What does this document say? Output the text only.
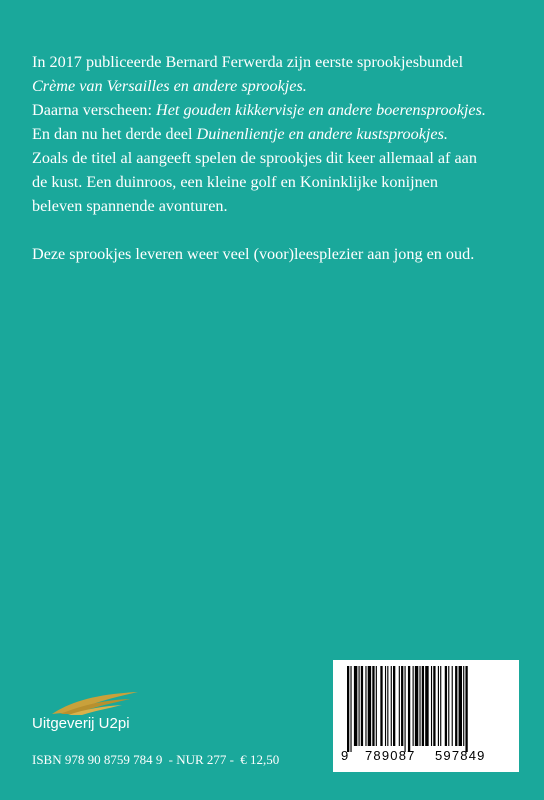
In 2017 publiceerde Bernard Ferwerda zijn eerste sprookjesbundel Crème van Versailles en andere sprookjes.
Daarna verscheen: Het gouden kikkervisje en andere boerensprookjes. En dan nu het derde deel Duinenlientje en andere kustsprookjes.
Zoals de titel al aangeeft spelen de sprookjes dit keer allemaal af aan de kust. Een duinroos, een kleine golf en Koninklijke konijnen beleven spannende avonturen.

Deze sprookjes leveren weer veel (voor)leesplezier aan jong en oud.

Uitgeverij U2pi
ISBN 978 90 8759 784 9 - NUR 277 - € 12,50	9 789087 597849
